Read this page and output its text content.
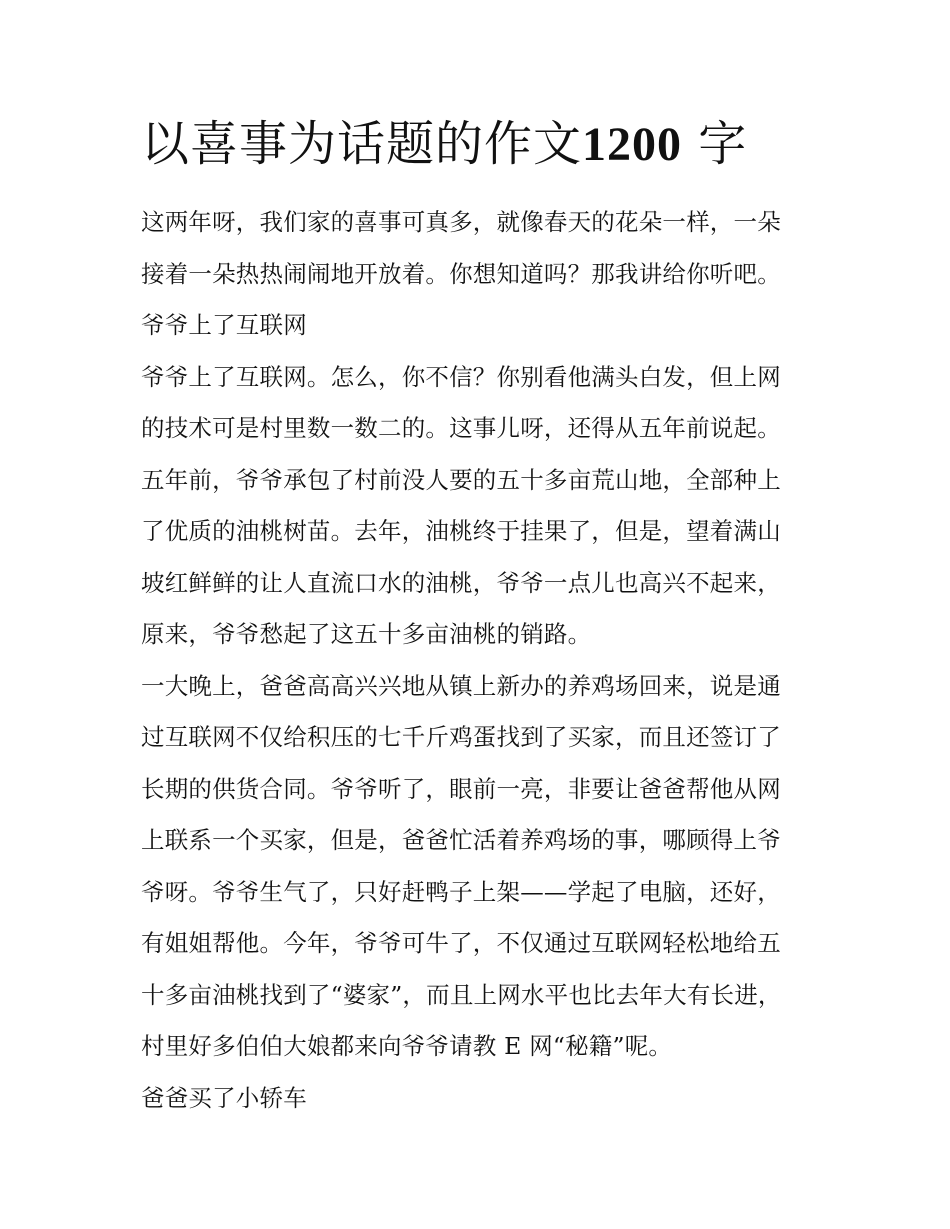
以喜事为话题的作文1200 字
这两年呀，我们家的喜事可真多，就像春天的花朵一样，一朵
接着一朵热热闹闹地开放着。你想知道吗？那我讲给你听吧。
爷爷上了互联网
爷爷上了互联网。怎么，你不信？你别看他满头白发，但上网
的技术可是村里数一数二的。这事儿呀，还得从五年前说起。
五年前，爷爷承包了村前没人要的五十多亩荒山地，全部种上
了优质的油桃树苗。去年，油桃终于挂果了，但是，望着满山
坡红鲜鲜的让人直流口水的油桃，爷爷一点儿也高兴不起来，
原来，爷爷愁起了这五十多亩油桃的销路。
一大晚上，爸爸高高兴兴地从镇上新办的养鸡场回来，说是通
过互联网不仅给积压的七千斤鸡蛋找到了买家，而且还签订了
长期的供货合同。爷爷听了，眼前一亮，非要让爸爸帮他从网
上联系一个买家，但是，爸爸忙活着养鸡场的事，哪顾得上爷
爷呀。爷爷生气了，只好赶鸭子上架——学起了电脑，还好，
有姐姐帮他。今年，爷爷可牛了，不仅通过互联网轻松地给五
十多亩油桃找到了“婆家”，而且上网水平也比去年大有长进，
村里好多伯伯大娘都来向爷爷请教 E 网“秘籍”呢。
爸爸买了小轿车
